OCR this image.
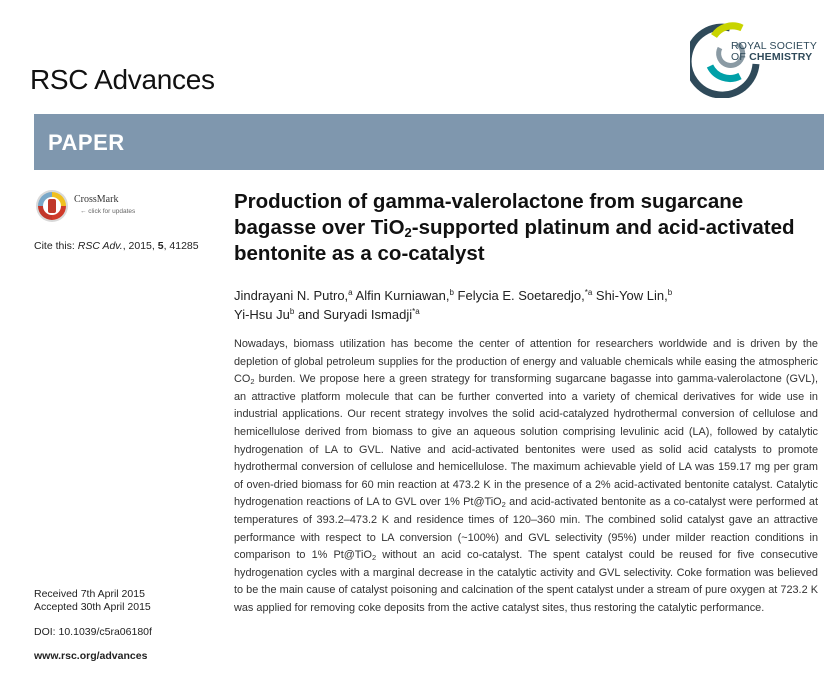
RSC Advances
ROYAL SOCIETY
OF CHEMISTRY
PAPER
CrossMark
← click for updates
Cite this: RSC Adv., 2015, 5, 41285
Production of gamma-valerolactone from sugarcane bagasse over TiO$_2$-supported platinum and acid-activated bentonite as a co-catalyst
Jindrayani N. Putro,$^a$ Alfin Kurniawan,$^b$ Felycia E. Soetaredjo,$^{*a}$ Shi-Yow Lin,$^b$
Yi-Hsu Ju$^b$ and Suryadi Ismadji$^{*a}$
Nowadays, biomass utilization has become the center of attention for researchers worldwide and is driven by the depletion of global petroleum supplies for the production of energy and valuable chemicals while easing the atmospheric $CO_2$ burden. We propose here a green strategy for transforming sugarcane bagasse into gamma-valerolactone (GVL), an attractive platform molecule that can be further converted into a variety of chemical derivatives for wide use in industrial applications. Our recent strategy involves the solid acid-catalyzed hydrothermal conversion of cellulose and hemicellulose derived from biomass to give an aqueous solution comprising levulinic acid (LA), followed by catalytic hydrogenation of LA to GVL. Native and acid-activated bentonites were used as solid acid catalysts to promote hydrothermal conversion of cellulose and hemicellulose. The maximum achievable yield of LA was 159.17 mg per gram of oven-dried biomass for 60 min reaction at 473.2 K in the presence of a 2% acid-activated bentonite catalyst. Catalytic hydrogenation reactions of LA to GVL over 1% Pt@TiO$_2$ and acid-activated bentonite as a co-catalyst were performed at temperatures of 393.2–473.2 K and residence times of 120–360 min. The combined solid catalyst gave an attractive performance with respect to LA conversion (~100%) and GVL selectivity (95%) under milder reaction conditions in comparison to 1% Pt@TiO$_2$ without an acid co-catalyst. The spent catalyst could be reused for five consecutive hydrogenation cycles with a marginal decrease in the catalytic activity and GVL selectivity. Coke formation was believed to be the main cause of catalyst poisoning and calcination of the spent catalyst under a stream of pure oxygen at 723.2 K was applied for removing coke deposits from the active catalyst sites, thus restoring the catalytic performance.
Received 7th April 2015
Accepted 30th April 2015
DOI: 10.1039/c5ra06180f
www.rsc.org/advances
